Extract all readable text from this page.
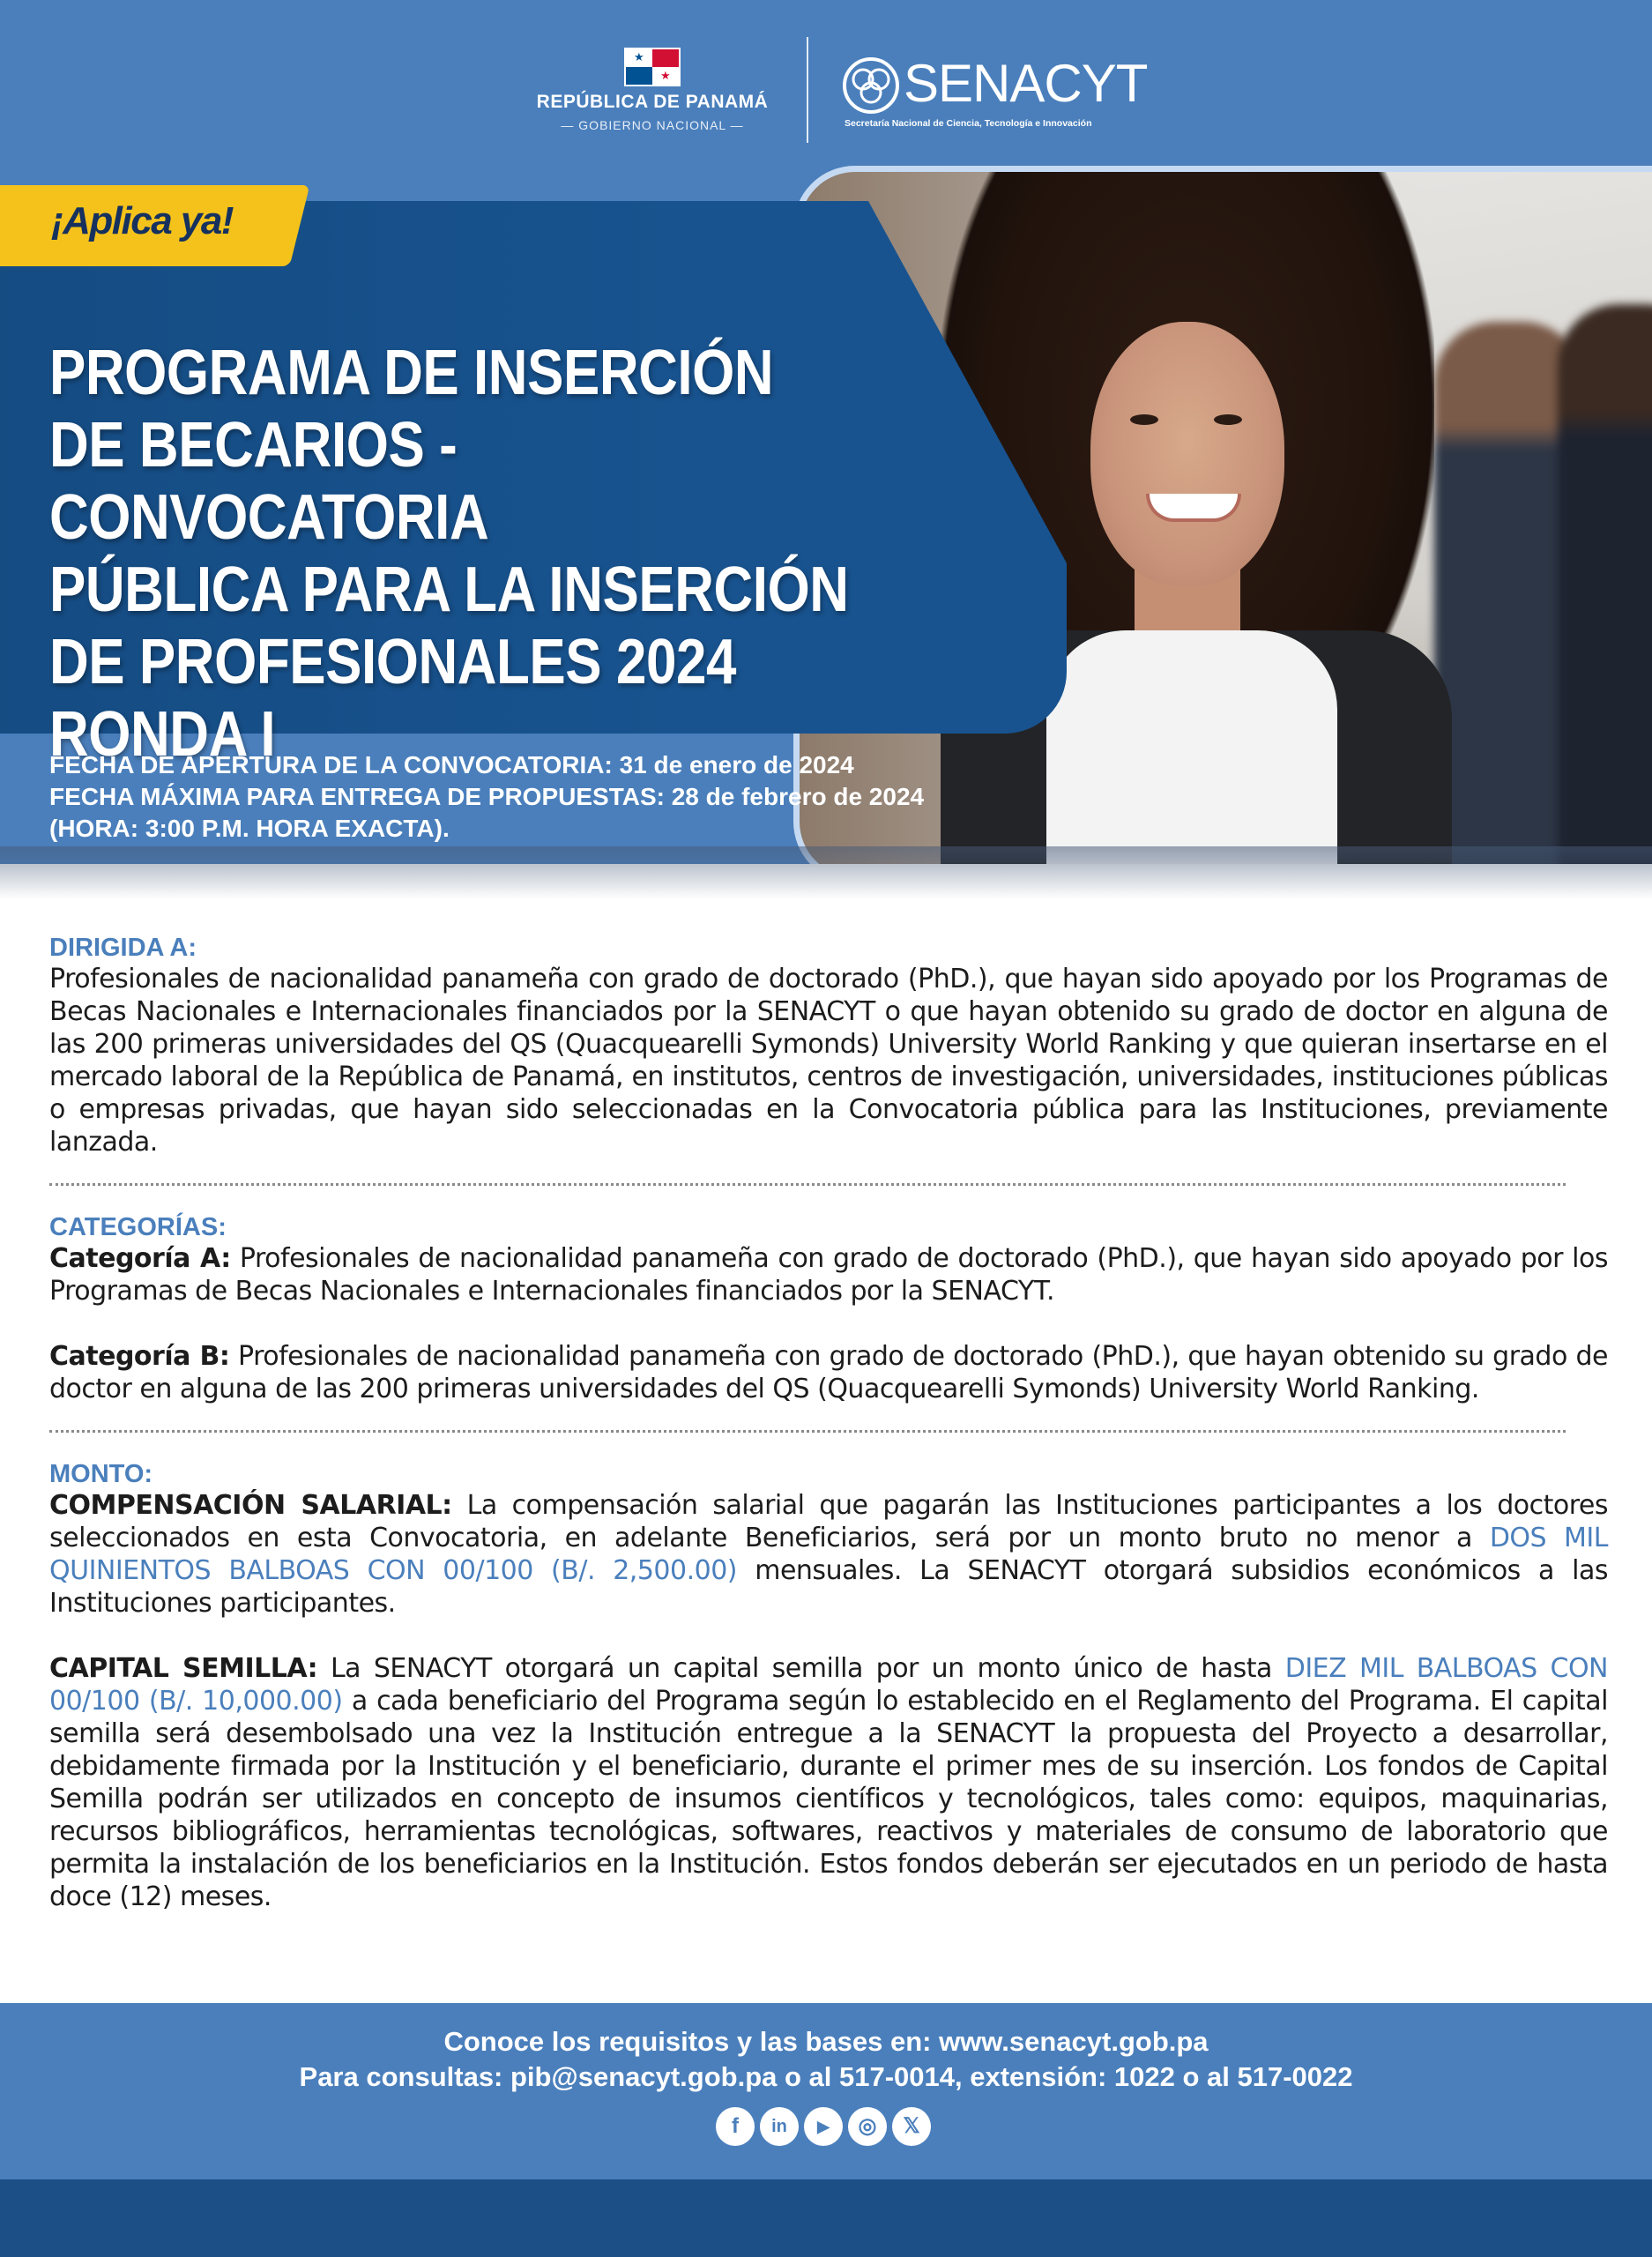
★
★
REPÚBLICA DE PANAMÁ
— GOBIERNO NACIONAL —
SENACYT
Secretaría Nacional de Ciencia, Tecnología e Innovación
¡Aplica ya!
PROGRAMA DE INSERCIÓN
DE BECARIOS - CONVOCATORIA
PÚBLICA PARA LA INSERCIÓN
DE PROFESIONALES 2024
RONDA I
FECHA DE APERTURA DE LA CONVOCATORIA: 31 de enero de 2024
FECHA MÁXIMA PARA ENTREGA DE PROPUESTAS: 28 de febrero de 2024
(HORA: 3:00 P.M. HORA EXACTA).
DIRIGIDA A:

Profesionales de nacionalidad panameña con grado de doctorado (PhD.), que hayan sido apoyado por los Programas de Becas Nacionales e Internacionales financiados por la SENACYT o que hayan obtenido su grado de doctor en alguna de las 200 primeras universidades del QS (Quacquearelli Symonds) University World Ranking y que quieran insertarse en el mercado laboral de la República de Panamá, en institutos, centros de investigación, universidades, instituciones públicas o empresas privadas, que hayan sido seleccionadas en la Convocatoria pública para las Instituciones, previamente lanzada.

CATEGORÍAS:

Categoría A: Profesionales de nacionalidad panameña con grado de doctorado (PhD.), que hayan sido apoyado por los Programas de Becas Nacionales e Internacionales financiados por la SENACYT.

Categoría B: Profesionales de nacionalidad panameña con grado de doctorado (PhD.), que hayan obtenido su grado de doctor en alguna de las 200 primeras universidades del QS (Quacquearelli Symonds) University World Ranking.

MONTO:

COMPENSACIÓN SALARIAL: La compensación salarial que pagarán las Instituciones participantes a los doctores seleccionados en esta Convocatoria, en adelante Beneficiarios, será por un monto bruto no menor a DOS MIL QUINIENTOS BALBOAS CON 00/100 (B/. 2,500.00) mensuales. La SENACYT otorgará subsidios económicos a las Instituciones participantes.

CAPITAL SEMILLA: La SENACYT otorgará un capital semilla por un monto único de hasta DIEZ MIL BALBOAS CON 00/100 (B/. 10,000.00) a cada beneficiario del Programa según lo establecido en el Reglamento del Programa. El capital semilla será desembolsado una vez la Institución entregue a la SENACYT la propuesta del Proyecto a desarrollar, debidamente firmada por la Institución y el beneficiario, durante el primer mes de su inserción. Los fondos de Capital Semilla podrán ser utilizados en concepto de insumos científicos y tecnológicos, tales como: equipos, maquinarias, recursos bibliográficos, herramientas tecnológicas, softwares, reactivos y materiales de consumo de laboratorio que permita la instalación de los beneficiarios en la Institución. Estos fondos deberán ser ejecutados en un periodo de hasta doce (12) meses.

Conoce los requisitos y las bases en: www.senacyt.gob.pa
Para consultas: pib@senacyt.gob.pa o al 517-0014, extensión: 1022 o al 517-0022
f	in	▶	◎	𝕏
